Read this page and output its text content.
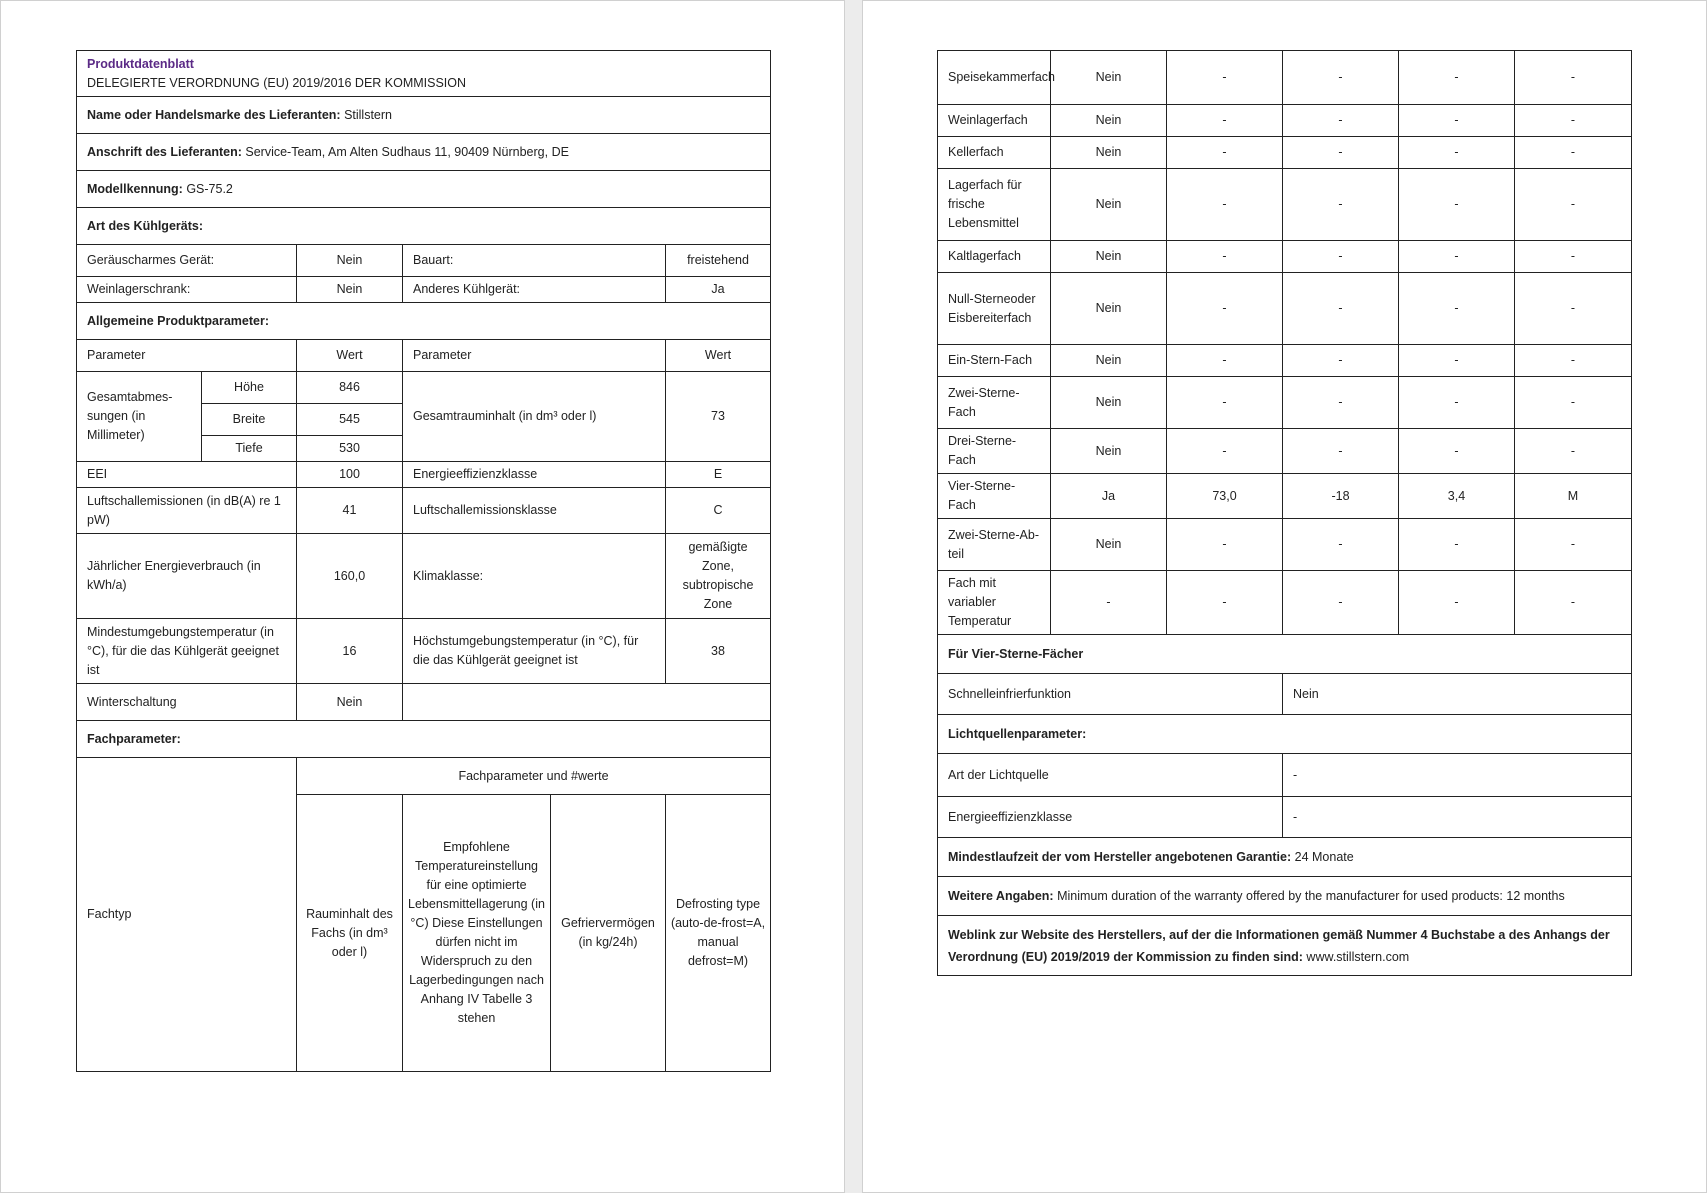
Produktdatenblatt
DELEGIERTE VERORDNUNG (EU) 2019/2016 DER KOMMISSION					

Name oder Handelsmarke des Lieferanten: Stillstern					
Anschrift des Lieferanten: Service-Team, Am Alten Sudhaus 11, 90409 Nürnberg, DE					
Modellkennung: GS-75.2					
Art des Kühlgeräts:					
Geräuscharmes Gerät:		Nein	Bauart:		freistehend
Weinlagerschrank:		Nein	Anderes Kühlgerät:		Ja
Allgemeine Produktparameter:					
Parameter		Wert	Parameter		Wert
Gesamtabmes-sungen (in Millimeter)	Höhe	846	Gesamtrauminhalt (in dm³ oder l)		73
	Breite	545			
	Tiefe	530			
EEI		100	Energieeffizienzklasse		E
Luftschallemissionen (in dB(A) re 1 pW)		41	Luftschallemissionsklasse		C
Jährlicher Energieverbrauch (in kWh/a)		160,0	Klimaklasse:		gemäßigte Zone, subtropische Zone
Mindestumgebungstemperatur (in °C), für die das Kühlgerät geeignet ist		16	Höchstumgebungstemperatur (in °C), für die das Kühlgerät geeignet ist		38
Winterschaltung		Nein			
Fachparameter:					
Fachtyp		Fachparameter und #werte			
		Rauminhalt des Fachs (in dm³ oder l)	Empfohlene Temperatureinstellung für eine optimierte Lebensmittellagerung (in °C) Diese Einstellungen dürfen nicht im Widerspruch zu den Lagerbedingungen nach Anhang IV Tabelle 3 stehen	Gefriervermögen (in kg/24h)	Defrosting type (auto-de-frost=A, manual defrost=M)
Speisekammerfach	Nein	-	-	-	-
Weinlagerfach	Nein	-	-	-	-
Kellerfach	Nein	-	-	-	-
Lagerfach für frische Lebensmittel	Nein	-	-	-	-
Kaltlagerfach	Nein	-	-	-	-
Null-Sterneoder Eisbereiterfach	Nein	-	-	-	-
Ein-Stern-Fach	Nein	-	-	-	-
Zwei-Sterne-Fach	Nein	-	-	-	-
Drei-Sterne-Fach	Nein	-	-	-	-
Vier-Sterne-Fach	Ja	73,0	-18	3,4	M
Zwei-Sterne-Ab-teil	Nein	-	-	-	-
Fach mit variabler Temperatur	-	-	-	-	-
Für Vier-Sterne-Fächer					
Schnelleinfrierfunktion			Nein		
Lichtquellenparameter:					
Art der Lichtquelle			-		
Energieeffizienzklasse			-		
Mindestlaufzeit der vom Hersteller angebotenen Garantie: 24 Monate					
Weitere Angaben: Minimum duration of the warranty offered by the manufacturer for used products: 12 months					
Weblink zur Website des Herstellers, auf der die Informationen gemäß Nummer 4 Buchstabe a des Anhangs der Verordnung (EU) 2019/2019 der Kommission zu finden sind: www.stillstern.com					
